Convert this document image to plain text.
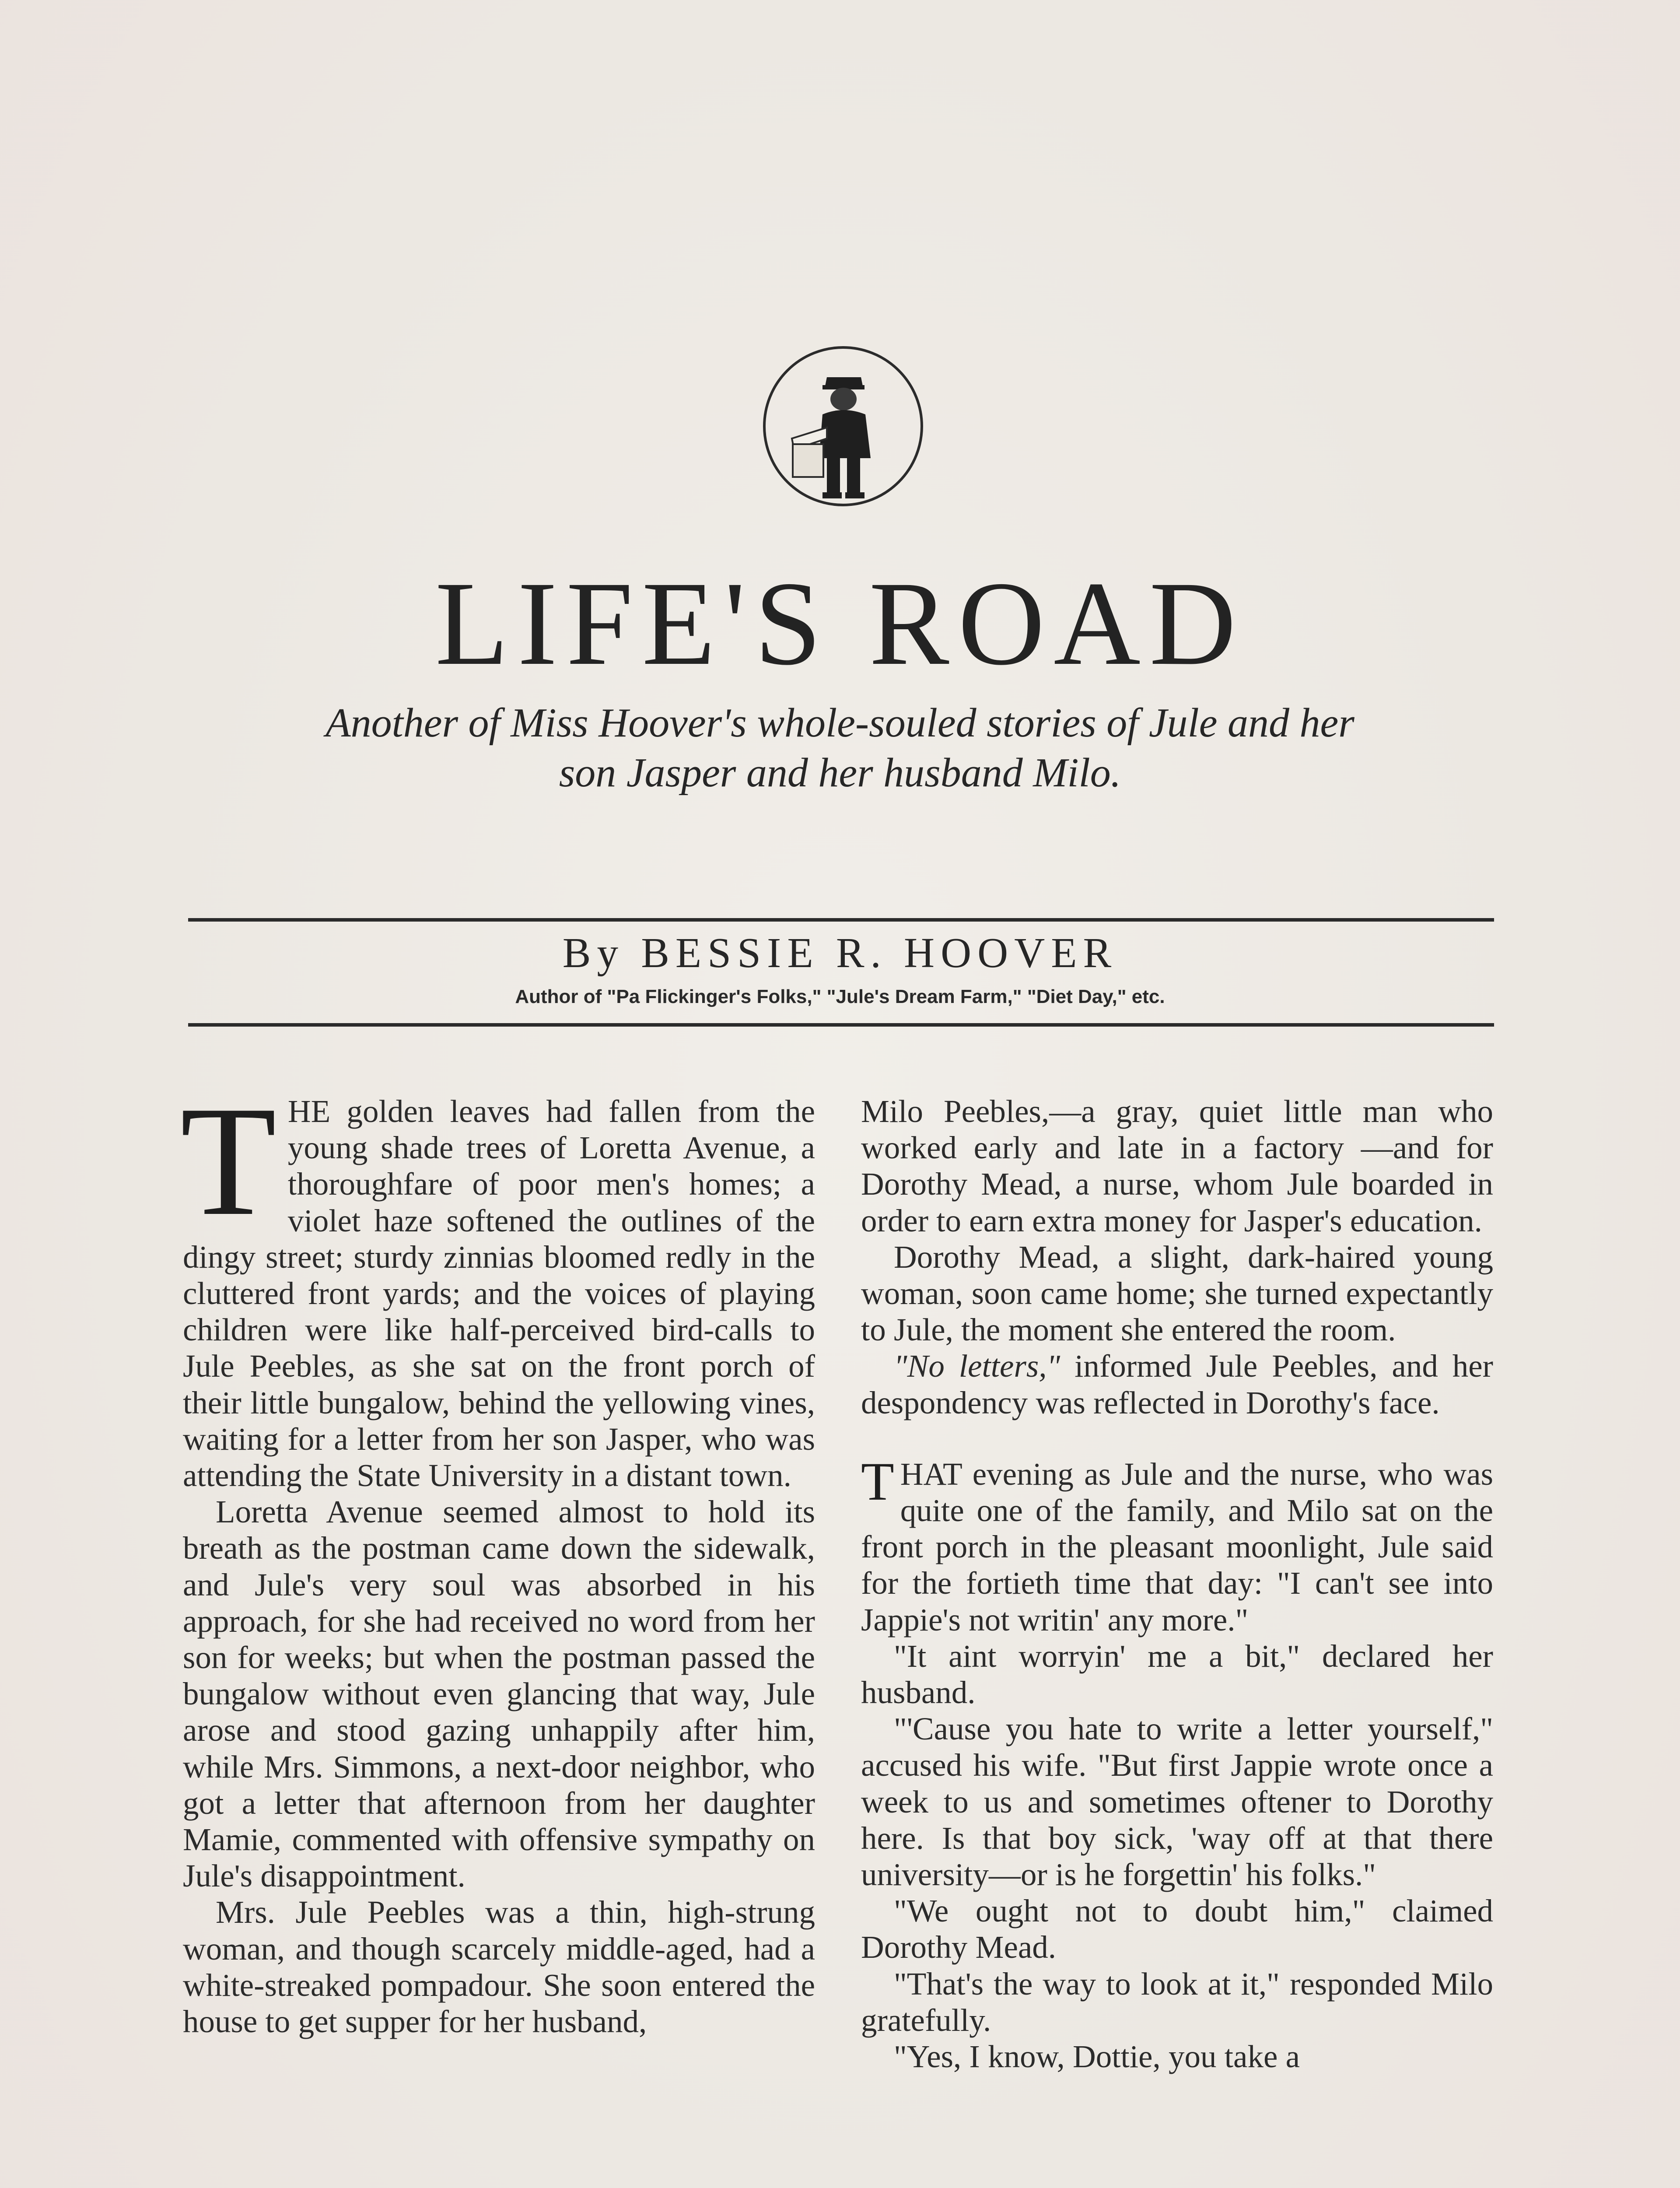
LIFE'S ROAD
Another of Miss Hoover's whole-souled stories of Jule and her son Jasper and her husband Milo.
By BESSIE R. HOOVER
Author of "Pa Flickinger's Folks," "Jule's Dream Farm," "Diet Day," etc.

THE golden leaves had fallen from the young shade trees of Loretta Avenue, a thoroughfare of poor men's homes; a violet haze softened the outlines of the dingy street; sturdy zinnias bloomed redly in the cluttered front yards; and the voices of playing children were like half-perceived bird-calls to Jule Peebles, as she sat on the front porch of their little bungalow, behind the yellowing vines, waiting for a letter from her son Jasper, who was attending the State University in a distant town.

Loretta Avenue seemed almost to hold its breath as the postman came down the sidewalk, and Jule's very soul was absorbed in his approach, for she had received no word from her son for weeks; but when the postman passed the bungalow without even glancing that way, Jule arose and stood gazing unhappily after him, while Mrs. Simmons, a next-door neighbor, who got a letter that afternoon from her daughter Mamie, commented with offensive sympathy on Jule's disappointment.

Mrs. Jule Peebles was a thin, high-strung woman, and though scarcely middle-aged, had a white-streaked pompadour. She soon entered the house to get supper for her husband,

Milo Peebles,—a gray, quiet little man who worked early and late in a factory —and for Dorothy Mead, a nurse, whom Jule boarded in order to earn extra money for Jasper's education.

Dorothy Mead, a slight, dark-haired young woman, soon came home; she turned expectantly to Jule, the moment she entered the room.

"No letters," informed Jule Peebles, and her despondency was reflected in Dorothy's face.

THAT evening as Jule and the nurse, who was quite one of the family, and Milo sat on the front porch in the pleasant moonlight, Jule said for the fortieth time that day: "I can't see into Jappie's not writin' any more."

"It aint worryin' me a bit," declared her husband.

"'Cause you hate to write a letter yourself," accused his wife. "But first Jappie wrote once a week to us and sometimes oftener to Dorothy here. Is that boy sick, 'way off at that there university—or is he forgettin' his folks."

"We ought not to doubt him," claimed Dorothy Mead.

"That's the way to look at it," responded Milo gratefully.

"Yes, I know, Dottie, you take a
